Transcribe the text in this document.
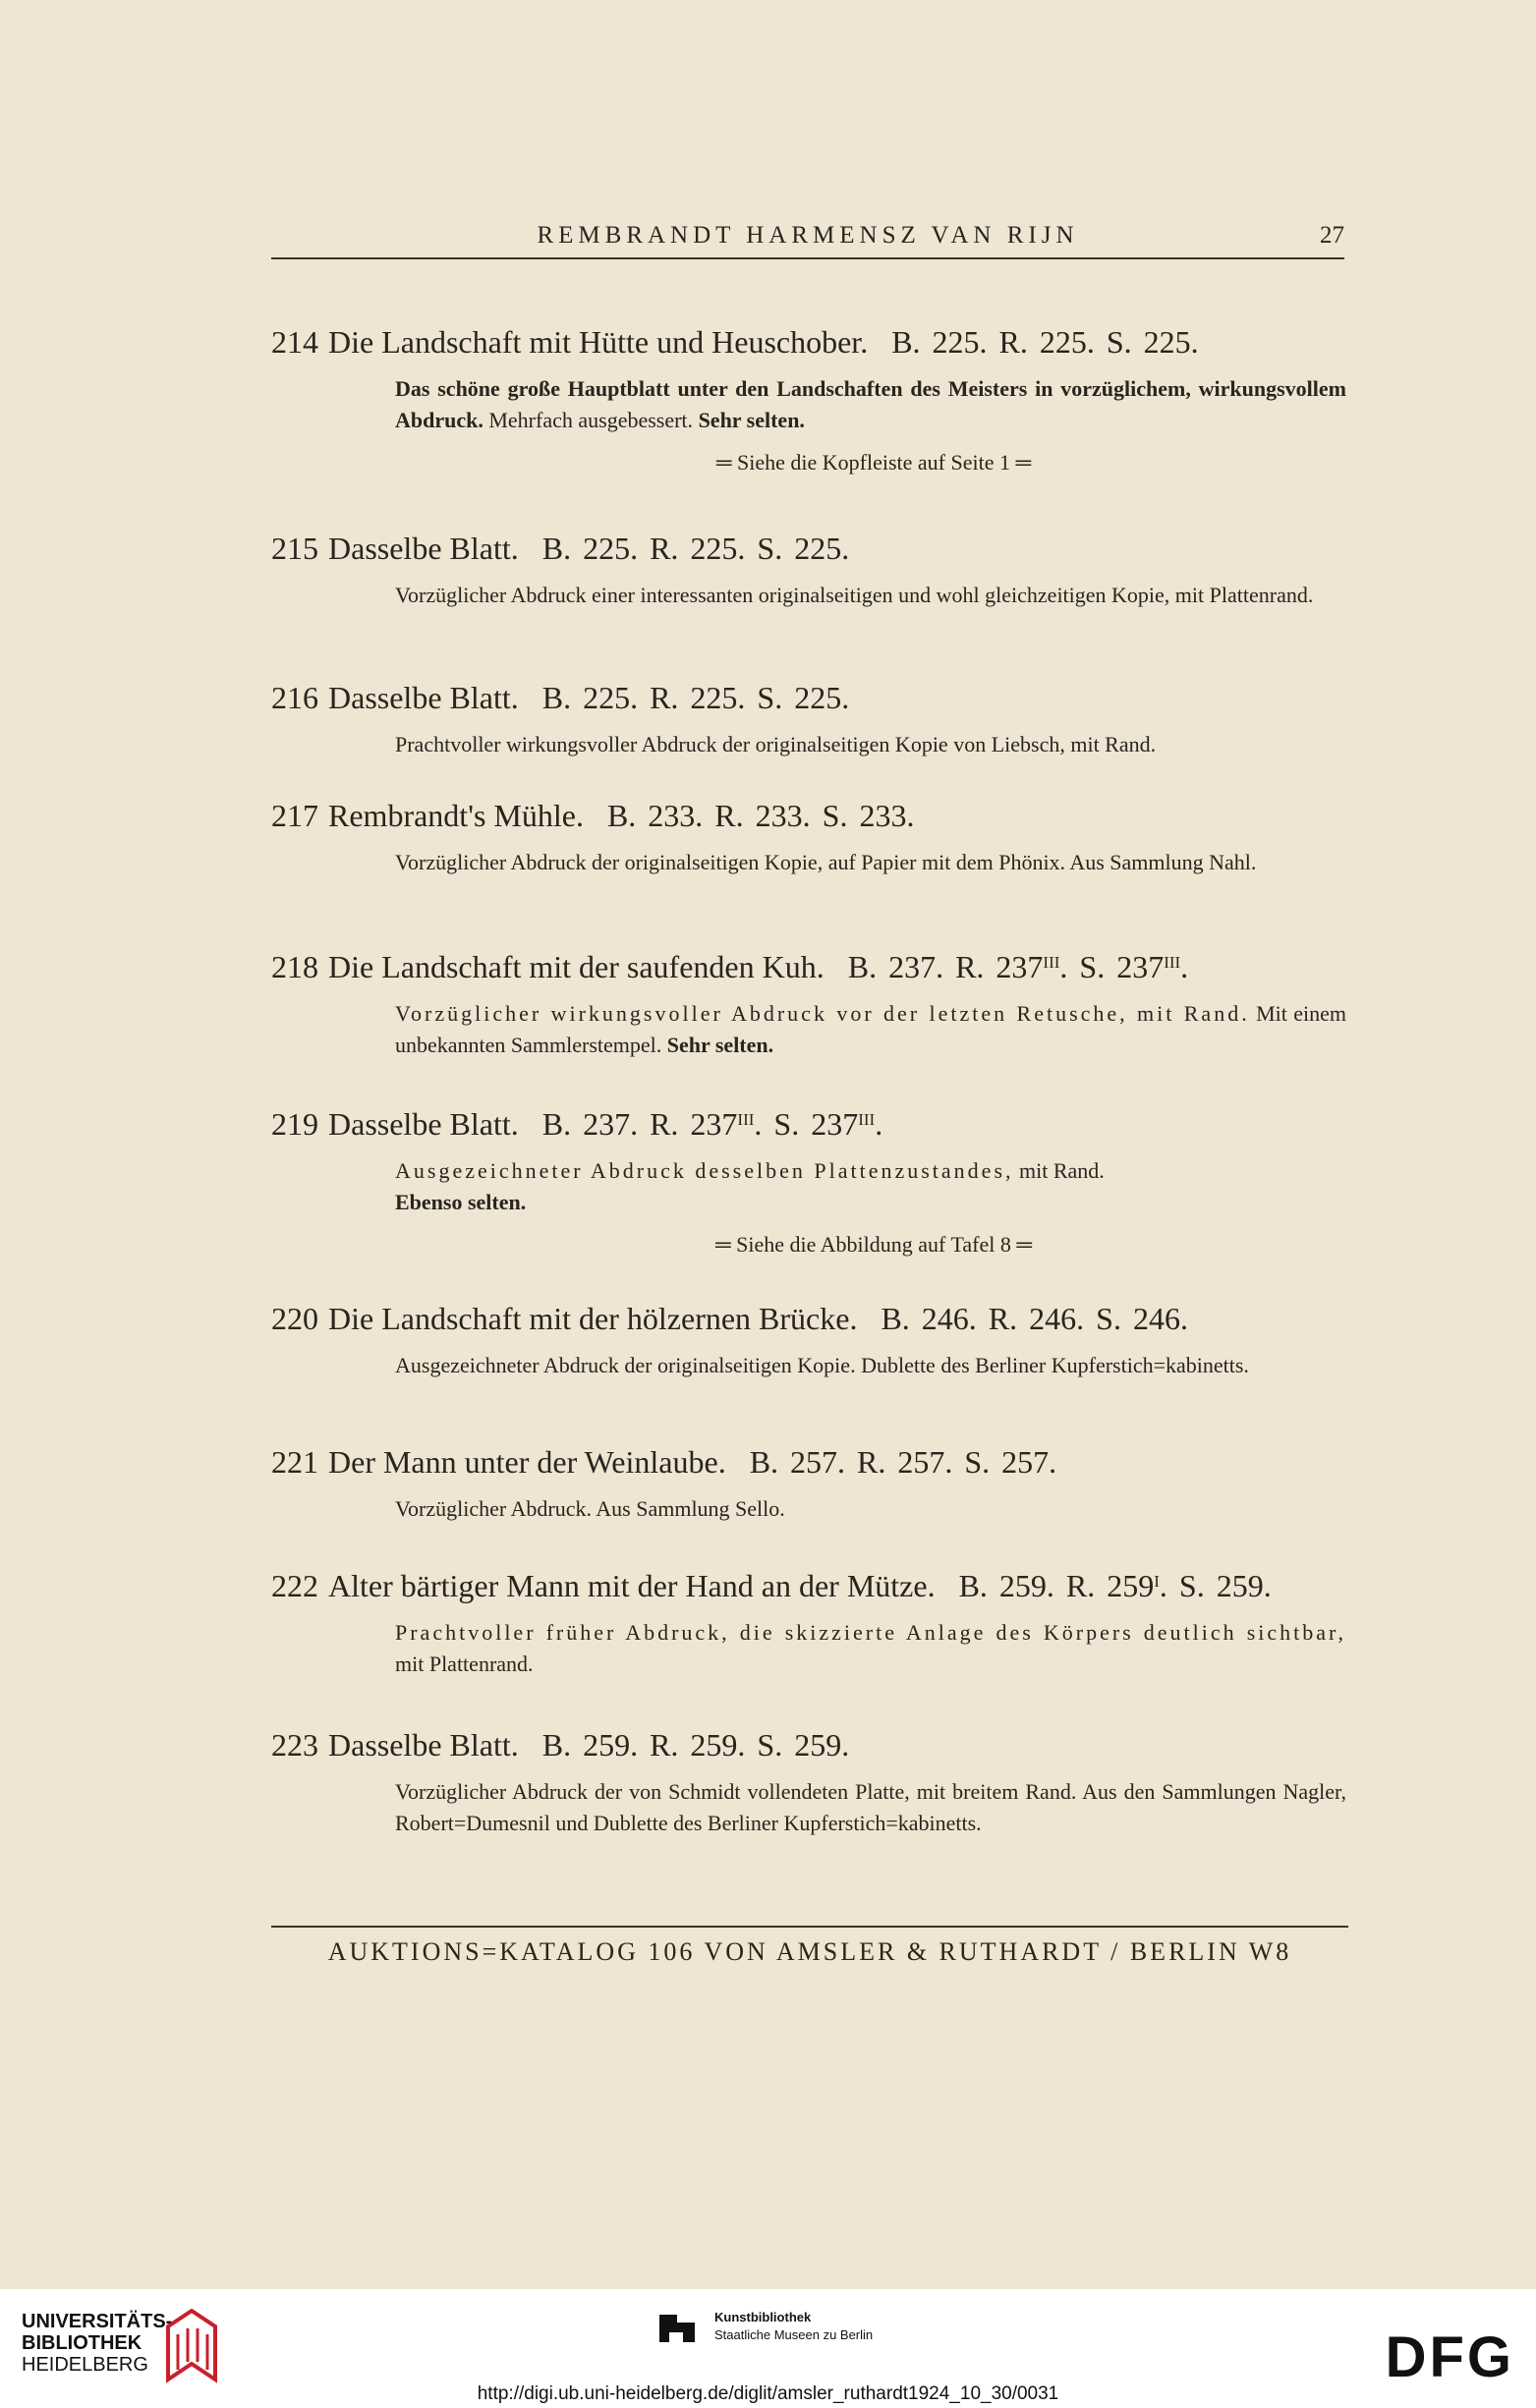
REMBRANDT HARMENSZ VAN RIJN	27
214 Die Landschaft mit Hütte und Heuschober. B. 225. R. 225. S. 225.
Das schöne große Hauptblatt unter den Landschaften des Meisters in vorzüglichem, wirkungsvollem Abdruck. Mehrfach ausgebessert. Sehr selten.
═ Siehe die Kopfleiste auf Seite 1 ═
215 Dasselbe Blatt. B. 225. R. 225. S. 225.
Vorzüglicher Abdruck einer interessanten originalseitigen und wohl gleichzeitigen Kopie, mit Plattenrand.
216 Dasselbe Blatt. B. 225. R. 225. S. 225.
Prachtvoller wirkungsvoller Abdruck der originalseitigen Kopie von Liebsch, mit Rand.
217 Rembrandt's Mühle. B. 233. R. 233. S. 233.
Vorzüglicher Abdruck der originalseitigen Kopie, auf Papier mit dem Phönix. Aus Sammlung Nahl.
218 Die Landschaft mit der saufenden Kuh. B. 237. R. $237^{III}$. S. $237^{III}$.
Vorzüglicher wirkungsvoller Abdruck vor der letzten Retusche, mit Rand. Mit einem unbekannten Sammlerstempel. Sehr selten.
219 Dasselbe Blatt. B. 237. R. $237^{III}$. S. $237^{III}$.
Ausgezeichneter Abdruck desselben Plattenzustandes, mit Rand.
Ebenso selten.
═ Siehe die Abbildung auf Tafel 8 ═
220 Die Landschaft mit der hölzernen Brücke. B. 246. R. 246. S. 246.
Ausgezeichneter Abdruck der originalseitigen Kopie. Dublette des Berliner Kupferstich=kabinetts.
221 Der Mann unter der Weinlaube. B. 257. R. 257. S. 257.
Vorzüglicher Abdruck. Aus Sammlung Sello.
222 Alter bärtiger Mann mit der Hand an der Mütze. B. 259. R. $259^I$. S. 259.
Prachtvoller früher Abdruck, die skizzierte Anlage des Körpers deutlich sichtbar, mit Plattenrand.
223 Dasselbe Blatt. B. 259. R. 259. S. 259.
Vorzüglicher Abdruck der von Schmidt vollendeten Platte, mit breitem Rand. Aus den Sammlungen Nagler, Robert=Dumesnil und Dublette des Berliner Kupferstich=kabinetts.
AUKTIONS=KATALOG 106 VON AMSLER & RUTHARDT / BERLIN W8
UNIVERSITÄTS-
BIBLIOTHEK
HEIDELBERG
Kunstbibliothek
Staatliche Museen zu Berlin	DFG
http://digi.ub.uni-heidelberg.de/diglit/amsler_ruthardt1924_10_30/0031
